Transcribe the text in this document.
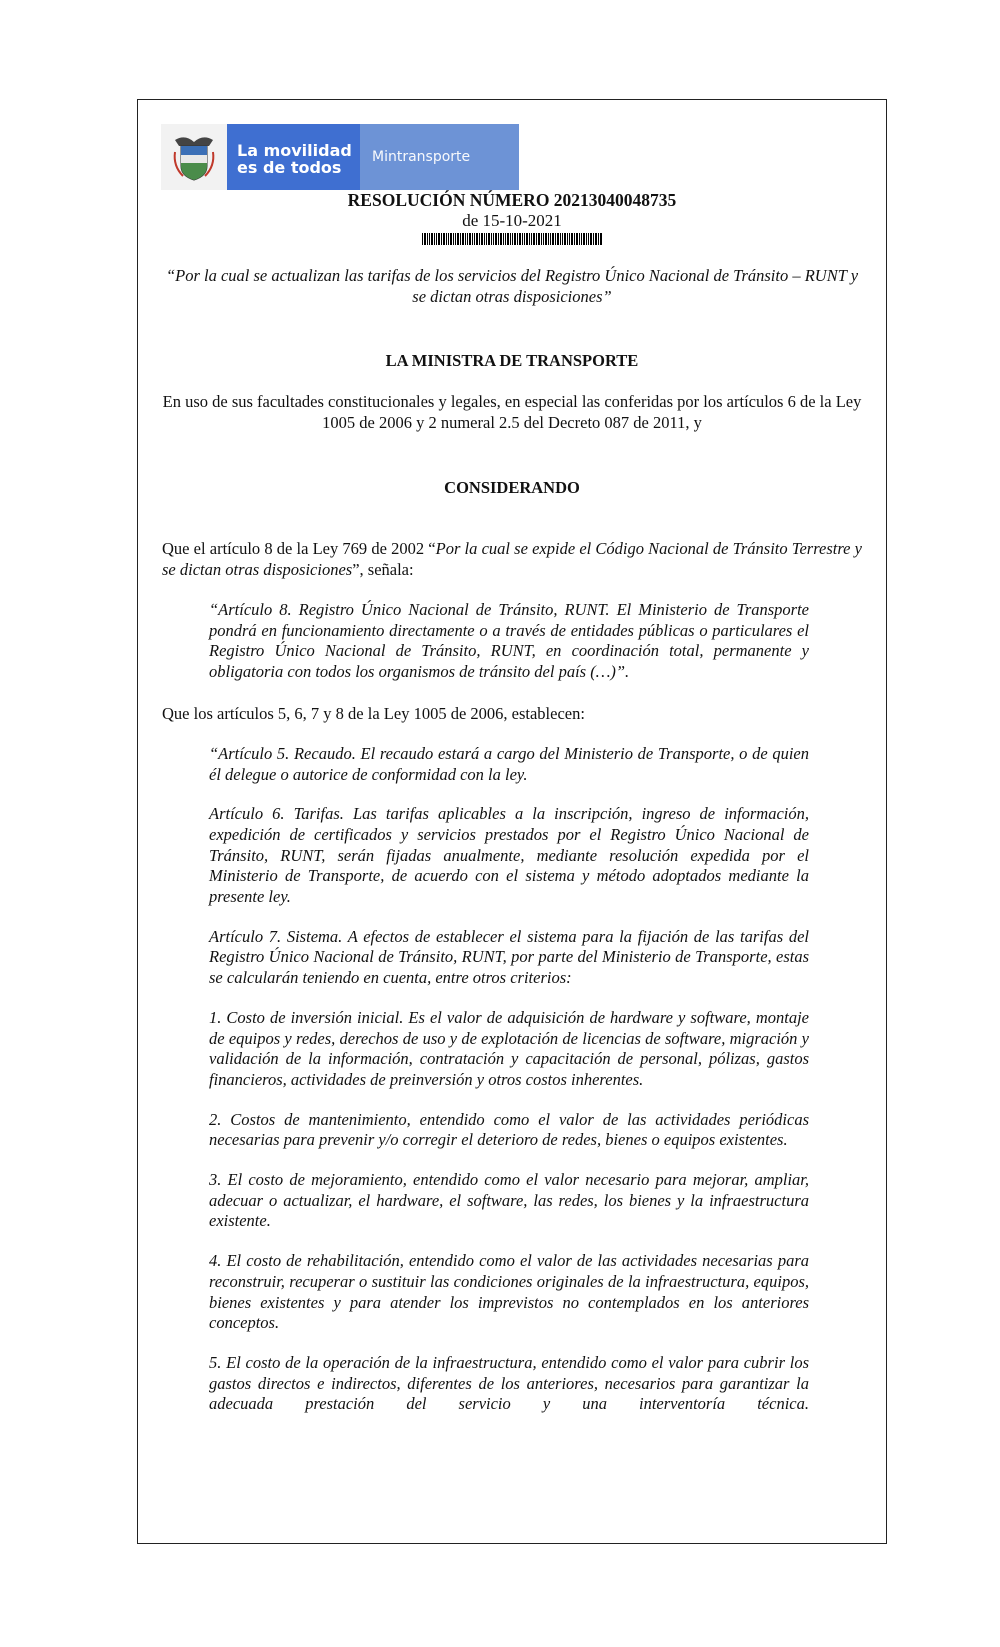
La movilidad
es de todos
Mintransporte

RESOLUCIÓN NÚMERO 20213040048735

de 15-10-2021

“Por la cual se actualizan las tarifas de los servicios del Registro Único Nacional de Tránsito – RUNT y se dictan otras disposiciones”

LA MINISTRA DE TRANSPORTE

En uso de sus facultades constitucionales y legales, en especial las conferidas por los artículos 6 de la Ley 1005 de 2006 y 2 numeral 2.5 del Decreto 087 de 2011, y

CONSIDERANDO

Que el artículo 8 de la Ley 769 de 2002 “Por la cual se expide el Código Nacional de Tránsito Terrestre y se dictan otras disposiciones”, señala:

“Artículo 8. Registro Único Nacional de Tránsito, RUNT. El Ministerio de Transporte pondrá en funcionamiento directamente o a través de entidades públicas o particulares el Registro Único Nacional de Tránsito, RUNT, en coordinación total, permanente y obligatoria con todos los organismos de tránsito del país (…)”.

Que los artículos 5, 6, 7 y 8 de la Ley 1005 de 2006, establecen:

“Artículo 5. Recaudo. El recaudo estará a cargo del Ministerio de Transporte, o de quien él delegue o autorice de conformidad con la ley.

Artículo 6. Tarifas. Las tarifas aplicables a la inscripción, ingreso de información, expedición de certificados y servicios prestados por el Registro Único Nacional de Tránsito, RUNT, serán fijadas anualmente, mediante resolución expedida por el Ministerio de Transporte, de acuerdo con el sistema y método adoptados mediante la presente ley.

Artículo 7. Sistema. A efectos de establecer el sistema para la fijación de las tarifas del Registro Único Nacional de Tránsito, RUNT, por parte del Ministerio de Transporte, estas se calcularán teniendo en cuenta, entre otros criterios:

1. Costo de inversión inicial. Es el valor de adquisición de hardware y software, montaje de equipos y redes, derechos de uso y de explotación de licencias de software, migración y validación de la información, contratación y capacitación de personal, pólizas, gastos financieros, actividades de preinversión y otros costos inherentes.

2. Costos de mantenimiento, entendido como el valor de las actividades periódicas necesarias para prevenir y/o corregir el deterioro de redes, bienes o equipos existentes.

3. El costo de mejoramiento, entendido como el valor necesario para mejorar, ampliar, adecuar o actualizar, el hardware, el software, las redes, los bienes y la infraestructura existente.

4. El costo de rehabilitación, entendido como el valor de las actividades necesarias para reconstruir, recuperar o sustituir las condiciones originales de la infraestructura, equipos, bienes existentes y para atender los imprevistos no contemplados en los anteriores conceptos.

5. El costo de la operación de la infraestructura, entendido como el valor para cubrir los gastos directos e indirectos, diferentes de los anteriores, necesarios para garantizar la adecuada prestación del servicio y una interventoría técnica.
